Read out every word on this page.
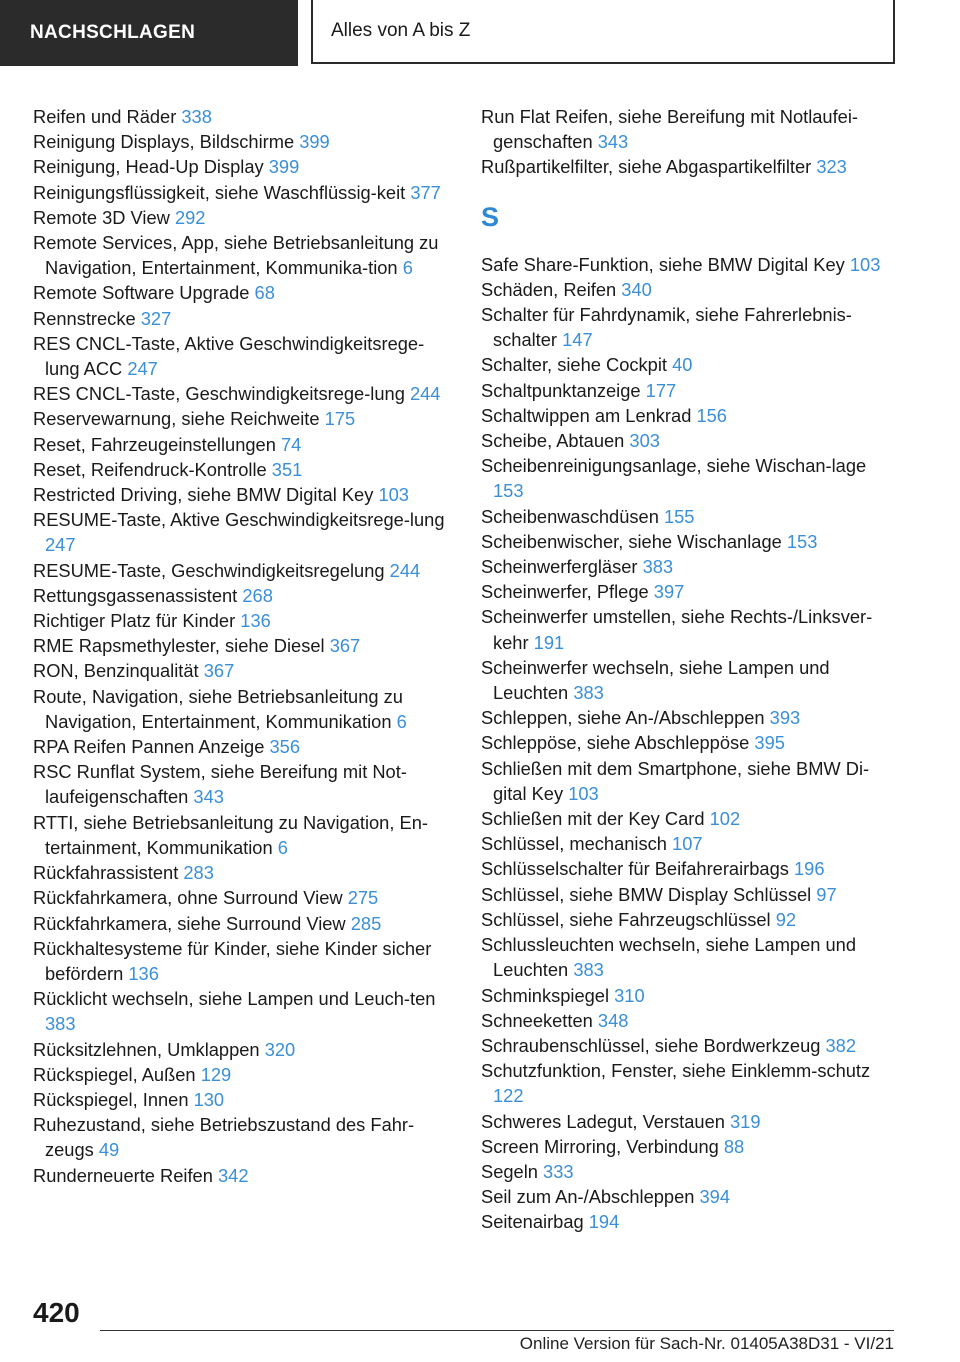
NACHSCHLAGEN	Alles von A bis Z
Reifen und Räder 338
Reinigung Displays, Bildschirme 399
Reinigung, Head-Up Display 399
Reinigungsflüssigkeit, siehe Waschflüssig-keit 377
Remote 3D View 292
Remote Services, App, siehe Betriebsanleitung zu Navigation, Entertainment, Kommunika-tion 6
Remote Software Upgrade 68
Rennstrecke 327
RES CNCL-Taste, Aktive Geschwindigkeitsrege-lung ACC 247
RES CNCL-Taste, Geschwindigkeitsrege-lung 244
Reservewarnung, siehe Reichweite 175
Reset, Fahrzeugeinstellungen 74
Reset, Reifendruck-Kontrolle 351
Restricted Driving, siehe BMW Digital Key 103
RESUME-Taste, Aktive Geschwindigkeitsrege-lung 247
RESUME-Taste, Geschwindigkeitsregelung 244
Rettungsgassenassistent 268
Richtiger Platz für Kinder 136
RME Rapsmethylester, siehe Diesel 367
RON, Benzinqualität 367
Route, Navigation, siehe Betriebsanleitung zu Navigation, Entertainment, Kommunikation 6
RPA Reifen Pannen Anzeige 356
RSC Runflat System, siehe Bereifung mit Not-laufeigenschaften 343
RTTI, siehe Betriebsanleitung zu Navigation, En-tertainment, Kommunikation 6
Rückfahrassistent 283
Rückfahrkamera, ohne Surround View 275
Rückfahrkamera, siehe Surround View 285
Rückhaltesysteme für Kinder, siehe Kinder sicher befördern 136
Rücklicht wechseln, siehe Lampen und Leuch-ten 383
Rücksitzlehnen, Umklappen 320
Rückspiegel, Außen 129
Rückspiegel, Innen 130
Ruhezustand, siehe Betriebszustand des Fahr-zeugs 49
Runderneuerte Reifen 342
Run Flat Reifen, siehe Bereifung mit Notlaufei-genschaften 343
Rußpartikelfilter, siehe Abgaspartikelfilter 323
S
Safe Share-Funktion, siehe BMW Digital Key 103
Schäden, Reifen 340
Schalter für Fahrdynamik, siehe Fahrerlebnis-schalter 147
Schalter, siehe Cockpit 40
Schaltpunktanzeige 177
Schaltwippen am Lenkrad 156
Scheibe, Abtauen 303
Scheibenreinigungsanlage, siehe Wischan-lage 153
Scheibenwaschdüsen 155
Scheibenwischer, siehe Wischanlage 153
Scheinwerfergläser 383
Scheinwerfer, Pflege 397
Scheinwerfer umstellen, siehe Rechts-/Linksver-kehr 191
Scheinwerfer wechseln, siehe Lampen und Leuchten 383
Schleppen, siehe An-/Abschleppen 393
Schleppöse, siehe Abschleppöse 395
Schließen mit dem Smartphone, siehe BMW Di-gital Key 103
Schließen mit der Key Card 102
Schlüssel, mechanisch 107
Schlüsselschalter für Beifahrerairbags 196
Schlüssel, siehe BMW Display Schlüssel 97
Schlüssel, siehe Fahrzeugschlüssel 92
Schlussleuchten wechseln, siehe Lampen und Leuchten 383
Schminkspiegel 310
Schneeketten 348
Schraubenschlüssel, siehe Bordwerkzeug 382
Schutzfunktion, Fenster, siehe Einklemm-schutz 122
Schweres Ladegut, Verstauen 319
Screen Mirroring, Verbindung 88
Segeln 333
Seil zum An-/Abschleppen 394
Seitenairbag 194
420
Online Version für Sach-Nr. 01405A38D31 - VI/21
